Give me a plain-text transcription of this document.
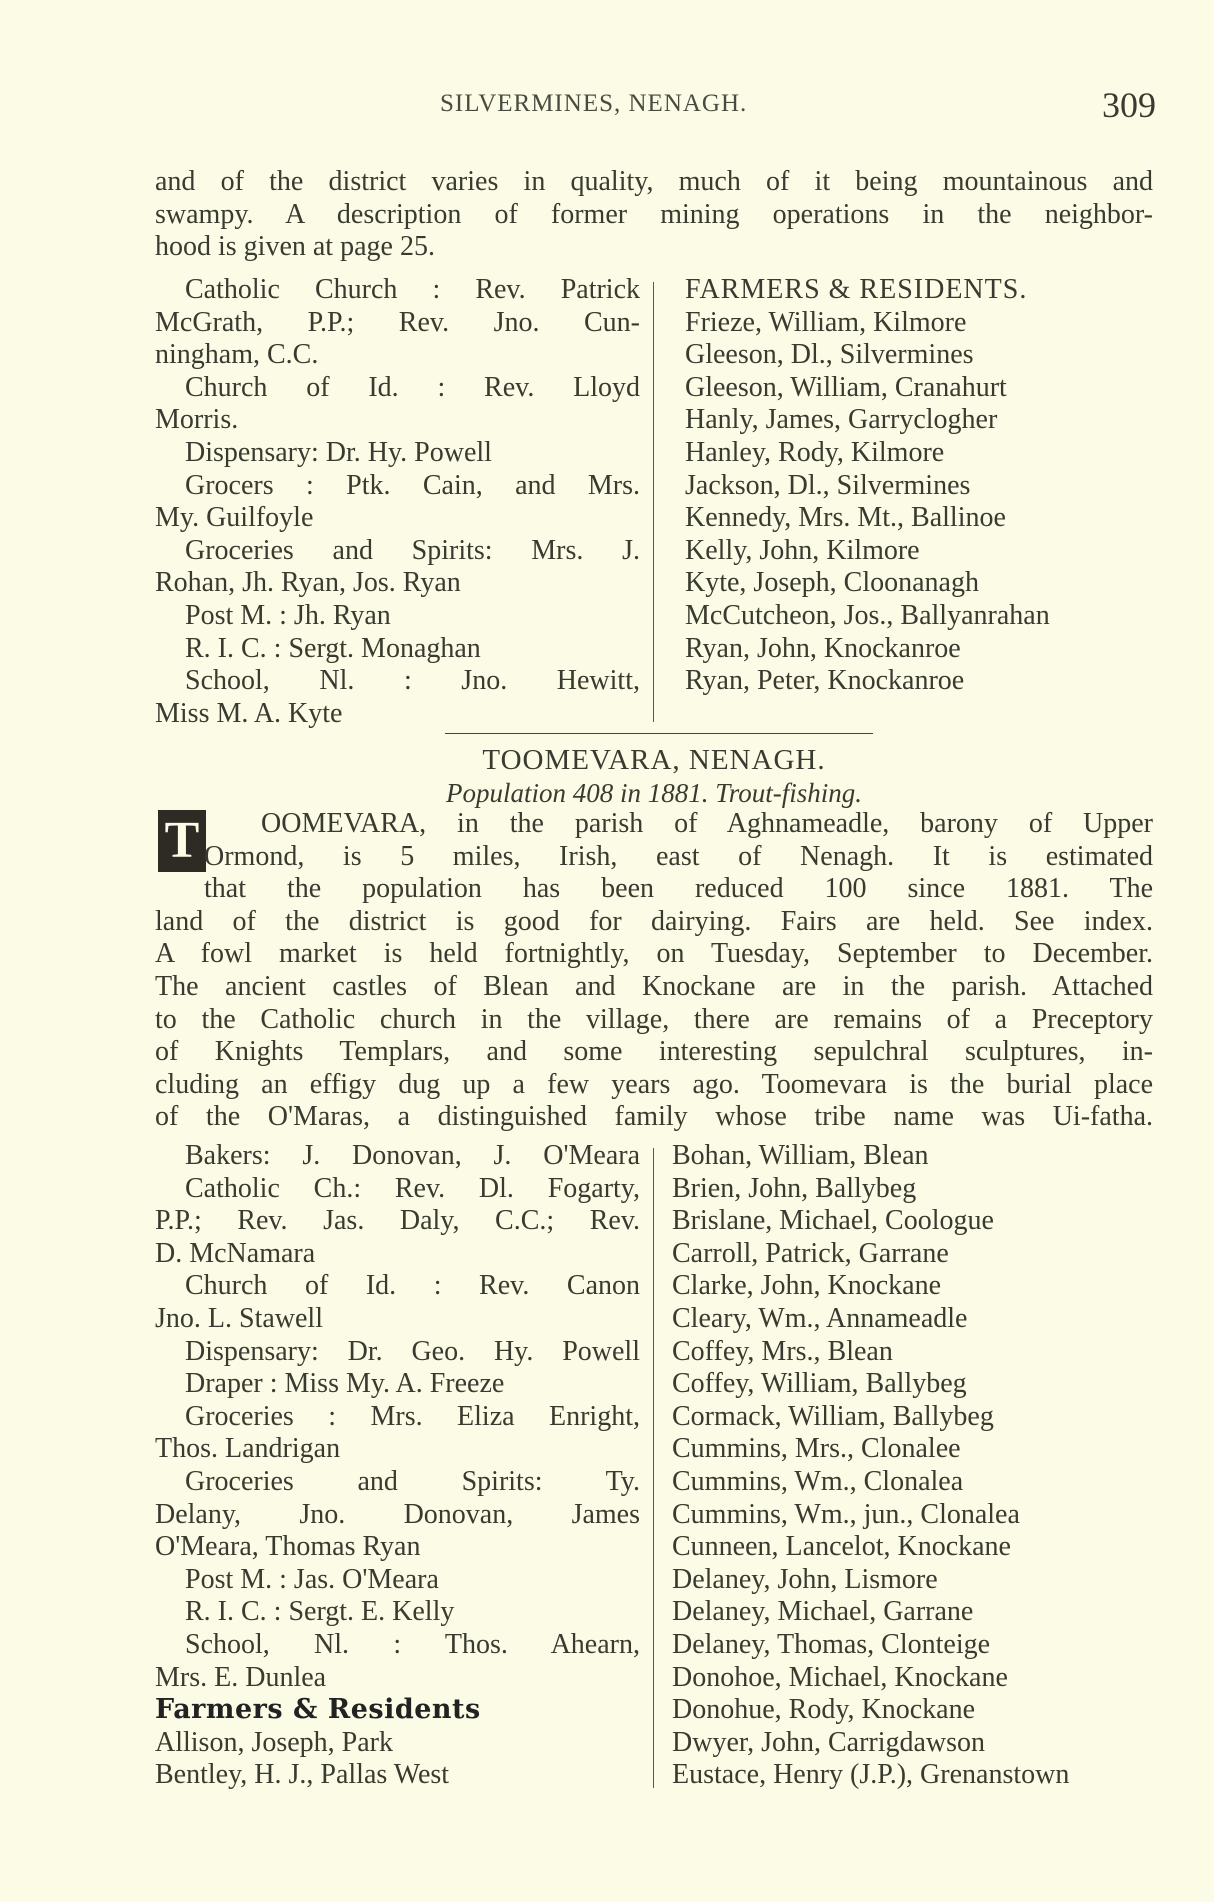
SILVERMINES, NENAGH.	309
and of the district varies in quality, much of it being mountainous and
swampy. A description of former mining operations in the neighbor-
hood is given at page 25.
Catholic Church : Rev. Patrick
McGrath, P.P.; Rev. Jno. Cun-
ningham, C.C.
Church of Id. : Rev. Lloyd
Morris.
Dispensary: Dr. Hy. Powell
Grocers : Ptk. Cain, and Mrs.
My. Guilfoyle
Groceries and Spirits: Mrs. J.
Rohan, Jh. Ryan, Jos. Ryan
Post M. : Jh. Ryan
R. I. C. : Sergt. Monaghan
School, Nl. : Jno. Hewitt,
Miss M. A. Kyte
FARMERS & RESIDENTS.
Frieze, William, Kilmore
Gleeson, Dl., Silvermines
Gleeson, William, Cranahurt
Hanly, James, Garryclogher
Hanley, Rody, Kilmore
Jackson, Dl., Silvermines
Kennedy, Mrs. Mt., Ballinoe
Kelly, John, Kilmore
Kyte, Joseph, Cloonanagh
McCutcheon, Jos., Ballyanrahan
Ryan, John, Knockanroe
Ryan, Peter, Knockanroe
TOOMEVARA, NENAGH.
Population 408 in 1881. Trout-fishing.
T	OOMEVARA, in the parish of Aghnameadle, barony of Upper
Ormond, is 5 miles, Irish, east of Nenagh. It is estimated
that the population has been reduced 100 since 1881. The
land of the district is good for dairying. Fairs are held. See index.
A fowl market is held fortnightly, on Tuesday, September to December.
The ancient castles of Blean and Knockane are in the parish. Attached
to the Catholic church in the village, there are remains of a Preceptory
of Knights Templars, and some interesting sepulchral sculptures, in-
cluding an effigy dug up a few years ago. Toomevara is the burial place
of the O'Maras, a distinguished family whose tribe name was Ui-fatha.
Bakers: J. Donovan, J. O'Meara
Catholic Ch.: Rev. Dl. Fogarty,
P.P.; Rev. Jas. Daly, C.C.; Rev.
D. McNamara
Church of Id. : Rev. Canon
Jno. L. Stawell
Dispensary: Dr. Geo. Hy. Powell
Draper : Miss My. A. Freeze
Groceries : Mrs. Eliza Enright,
Thos. Landrigan
Groceries and Spirits: Ty.
Delany, Jno. Donovan, James
O'Meara, Thomas Ryan
Post M. : Jas. O'Meara
R. I. C. : Sergt. E. Kelly
School, Nl. : Thos. Ahearn,
Mrs. E. Dunlea
Farmers & Residents
Allison, Joseph, Park
Bentley, H. J., Pallas West
Bohan, William, Blean
Brien, John, Ballybeg
Brislane, Michael, Coologue
Carroll, Patrick, Garrane
Clarke, John, Knockane
Cleary, Wm., Annameadle
Coffey, Mrs., Blean
Coffey, William, Ballybeg
Cormack, William, Ballybeg
Cummins, Mrs., Clonalee
Cummins, Wm., Clonalea
Cummins, Wm., jun., Clonalea
Cunneen, Lancelot, Knockane
Delaney, John, Lismore
Delaney, Michael, Garrane
Delaney, Thomas, Clonteige
Donohoe, Michael, Knockane
Donohue, Rody, Knockane
Dwyer, John, Carrigdawson
Eustace, Henry (J.P.), Grenanstown
